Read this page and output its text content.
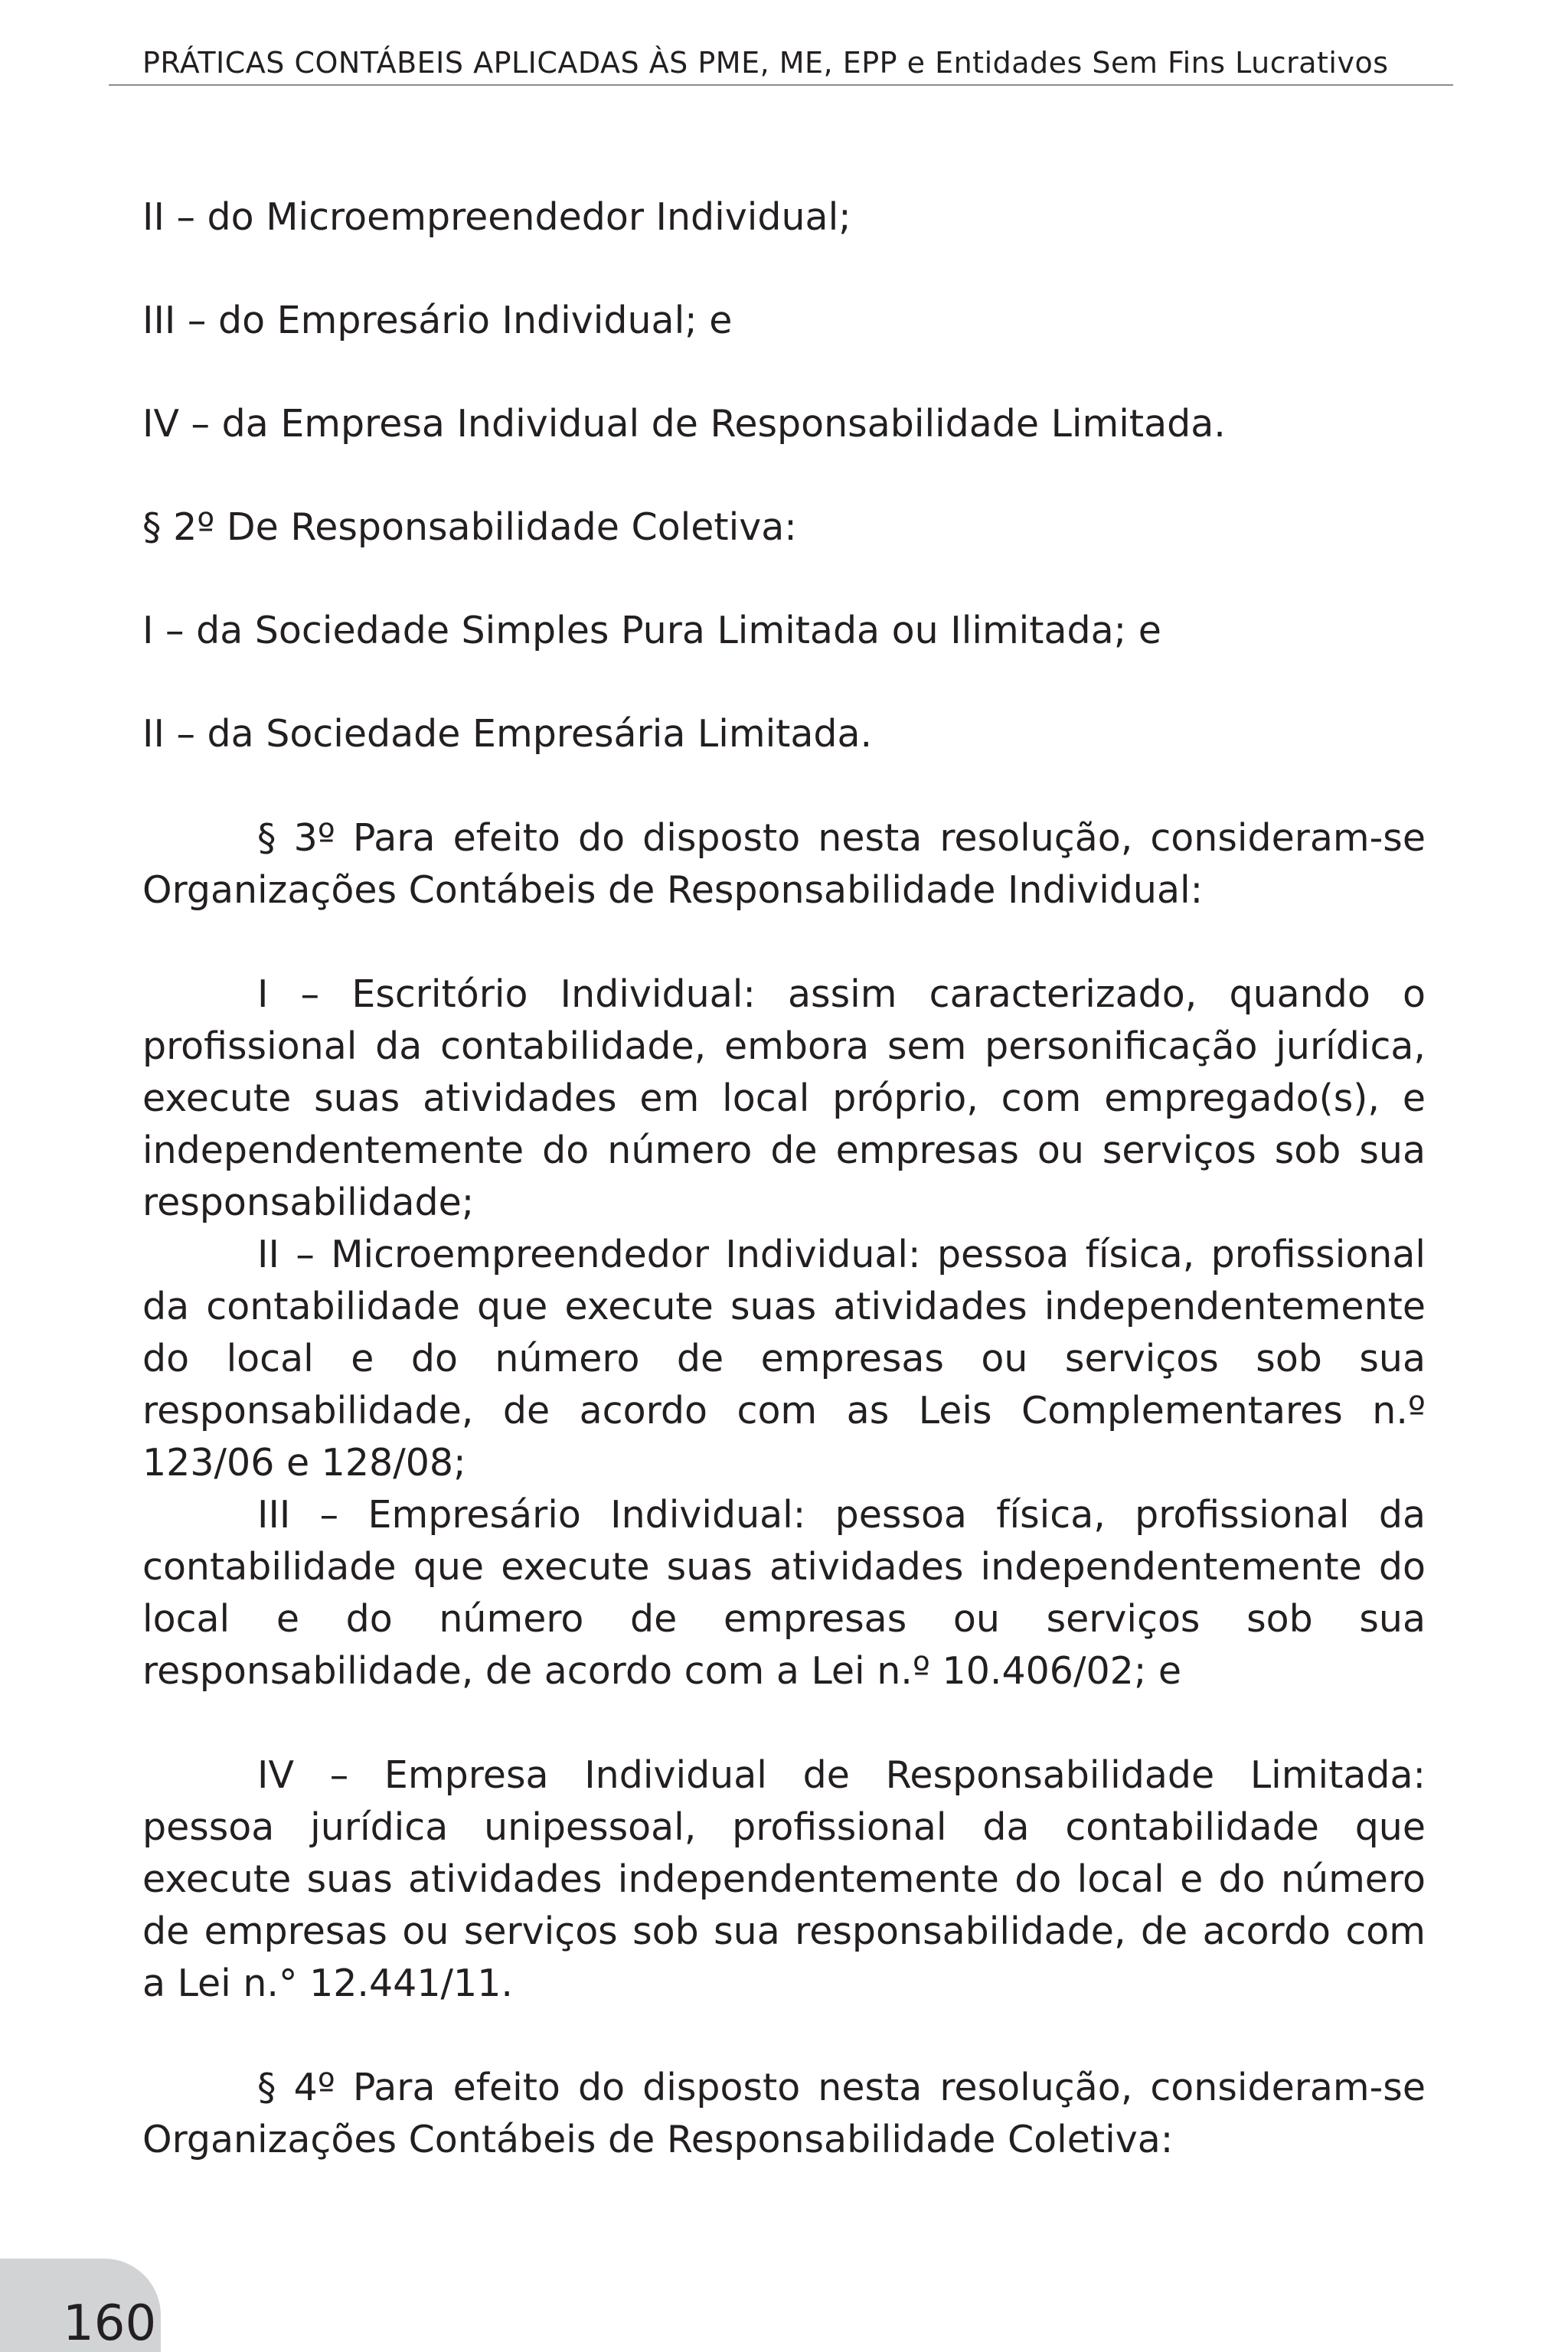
PRÁTICAS CONTÁBEIS APLICADAS ÀS PME, ME, EPP e Entidades Sem Fins Lucrativos

II – do Microempreendedor Individual;

III – do Empresário Individual; e

IV – da Empresa Individual de Responsabilidade Limitada.

§ 2º De Responsabilidade Coletiva:

I – da Sociedade Simples Pura Limitada ou Ilimitada; e

II – da Sociedade Empresária Limitada.

§ 3º Para efeito do disposto nesta resolução, consideram-se Organizações Contábeis de Responsabilidade Individual:

I – Escritório Individual: assim caracterizado, quando o profissional da contabilidade, embora sem personificação jurídica, execute suas atividades em local próprio, com empregado(s), e independentemente do número de empresas ou serviços sob sua responsabilidade;

II – Microempreendedor Individual: pessoa física, profissional da contabilidade que execute suas atividades independentemente do local e do número de empresas ou serviços sob sua responsabilidade, de acordo com as Leis Complementares n.º 123/06 e 128/08;

III – Empresário Individual: pessoa física, profissional da contabilidade que execute suas atividades independentemente do local e do número de empresas ou serviços sob sua responsabilidade, de acordo com a Lei n.º 10.406/02; e

IV – Empresa Individual de Responsabilidade Limitada: pessoa jurídica unipessoal, profissional da contabilidade que execute suas atividades independentemente do local e do número de empresas ou serviços sob sua responsabilidade, de acordo com a Lei n.° 12.441/11.

§ 4º Para efeito do disposto nesta resolução, consideram-se Organizações Contábeis de Responsabilidade Coletiva:

160
